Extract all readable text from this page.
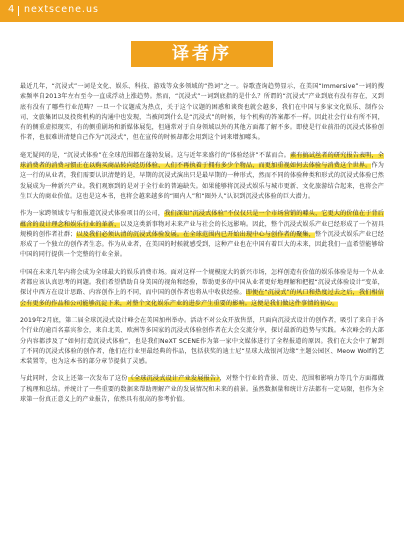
4 nextscene.us
译者序

最近几年，“沉浸式”一词是文化、娱乐、科技、游戏等众多领域的“热词”之一。谷歌查询趋势显示，在美国“Immersive”一词的搜索频率自2013年左右至今一直成浮动上涨趋势。然而，“沉浸式”一词到底指的是什么？所谓的“沉浸式”产业到底有没有存在，又到底有没有了哪些行业范畴？一旦一个议题成为热点，关于这个议题的困惑和谈资也就会越多，我们在中国与多家文化娱乐、制作公司、文旅集团以及投资机构的沟通中也发现，当被问到什么是“沉浸式”的时候，每个机构的答案都不一样。因此社会行业有所不同，有的侧重虚拟现实，有的侧重剧场和新媒体展览，但通常对于自身领域以外的其他方面都了解不多。即使是行业前沿的沉浸式体验创作者，也很难讲清楚自己作为“沉浸式”，但在宣传的时候却都会用到这个词来增加噱头。

毫无疑问的是，“沉浸式体验”在全球范围都在蓬勃发展。这与近年来盛行的“体验经济”不谋而合。素有搞试丝者的研究报告表明，全球消费者的消费习惯正在以购买商品转向经历体验，人们不再执着于拥有多少个物品，而更加重视如何去体验与消费这个世界。作为这一行的从业者，我们需要认识清楚的是，早期的沉浸式演出只是最早期的一种形式，然而不同的体验种类和形式的沉浸式体验已然发展成为一种新兴产业。我们观察到的是对于全行业的普遍缺失。如果能够将沉浸式娱乐与城市更新、文化旅游结合起来，也将会产生巨大的商业价值。这也是这本书，也将会越来越多的“圈内人”和“圈外人”认识到沉浸式体验的巨大潜力。

作为一家跨领域专与和报道沉浸式体验项目的公司，我们深知“沉浸式体验”不仅仅只是一个市场营销的噱头，它更大的价值在于背后蕴含的设计理念和娱乐行业的革新，以及这类新事物对未来产业与社会的长远影响。因此，整个沉浸式娱乐产业已经形成了一个初具规模的创作者社群；以及我们必须认清的沉浸式体验发展。在全球范围内已开始出现中心与创作者的聚集，整个沉浸式娱乐产业已经形成了一个独立的创作者生态。作为从业者，在美国的时候就感受到，这种产业也在中国有着巨大的未来，因此我们一直希望能够给中国的同行提供一个完整的行业全景。

中国在未来几年内将会成为全球最大的娱乐消费市场。面对这样一个规模庞大的新兴市场，怎样创造有价值的娱乐体验是每一个从业者都应该认真思考的问题。我们希望借助自身美国的视角和经验，帮助更多的中国从业者更好地理解和把握“沉浸式体验设计”变革，探讨中西方在设计思路、内容创作上的不同，而中国的创作者也将从中收获经验。即便在“沉浸式”的风口和热度过去之后，我们相信会有更多的作品和公司能够沉淀下来，对整个文化娱乐产业的进步产生重要的影响。这便是我们做这件事情的初心。

2019年2月底，第二届全球沉浸式设计峰会在美国加州举办。活动不对公众开放售票，只面向沉浸式设计的创作者，吸引了来自于各个行业的逾百名嘉宾参会，来自北美、欧洲等多国家的沉浸式体验创作者在大会交流分享，探讨最新的趋势与实践。本次峰会的大部分内容都涉及了“如何打造沉浸式体验”，也是我们NeXT SCENE作为第一家中文媒体进行了全程报道的原因。我们在大会中了解到了不同的沉浸式体验的创作者，他们在行业里最经典的作品，包括获奖的迪士尼“星球大战银河边缘”主题公园区、Meow Wolf的艺术装置等，也为这本书的部分章节提供了灵感。

与此同时，会议上还第一次发布了这份《全球沉浸式设计产业发展报告》，对整个行业的背景、历史、范围和影响力等几个方面都做了梳理和总结。并统计了一些重要的数据来帮助理解产业的发展情况和未来的前景。虽然数据量和统计方法都有一定局限，但作为全球第一份真正意义上的产业报告，依然具有很高的参考价值。
